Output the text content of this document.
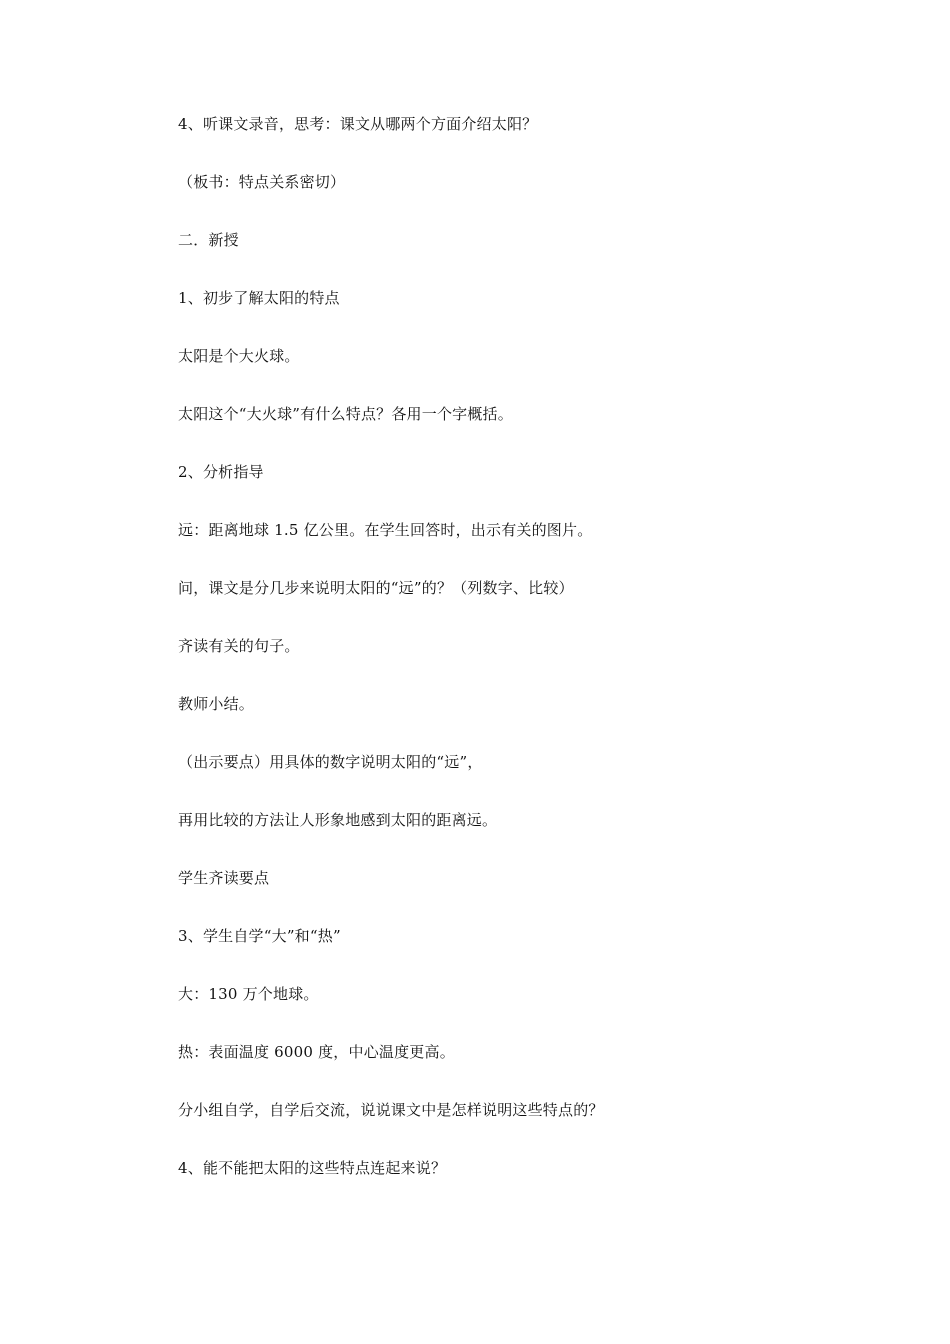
4、听课文录音，思考：课文从哪两个方面介绍太阳？
（板书：特点关系密切）
二．新授
1、初步了解太阳的特点
太阳是个大火球。
太阳这个“大火球”有什么特点？各用一个字概括。
2、分析指导
远：距离地球 1.5 亿公里。在学生回答时，出示有关的图片。
问，课文是分几步来说明太阳的“远”的？（列数字、比较）
齐读有关的句子。
教师小结。
（出示要点）用具体的数字说明太阳的“远”，
再用比较的方法让人形象地感到太阳的距离远。
学生齐读要点
3、学生自学“大”和“热”
大：130 万个地球。
热：表面温度 6000 度，中心温度更高。
分小组自学，自学后交流，说说课文中是怎样说明这些特点的？
4、能不能把太阳的这些特点连起来说？
